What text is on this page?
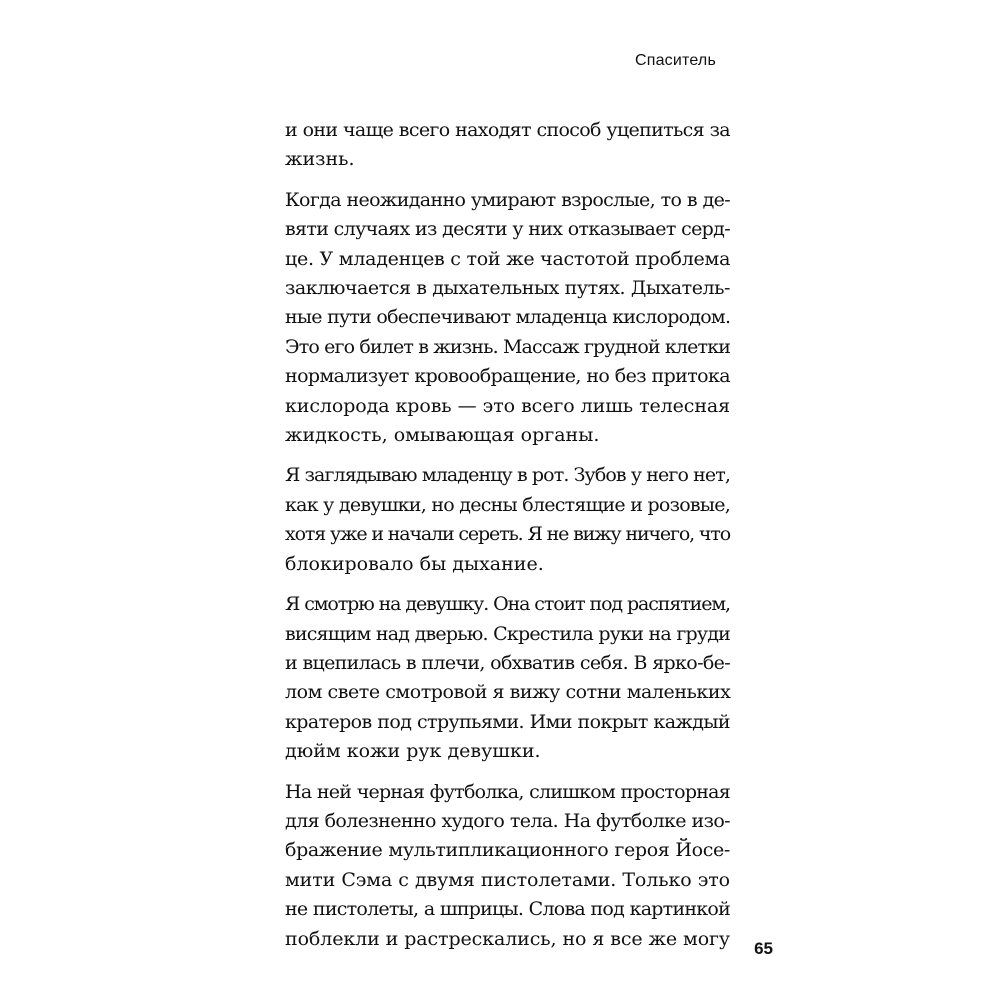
Спаситель
и они чаще всего находят способ уцепиться за
жизнь.
Когда неожиданно умирают взрослые, то в де-
вяти случаях из десяти у них отказывает серд-
це. У младенцев с той же частотой проблема
заключается в дыхательных путях. Дыхатель-
ные пути обеспечивают младенца кислородом.
Это его билет в жизнь. Массаж грудной клетки
нормализует кровообращение, но без притока
кислорода кровь — это всего лишь телесная
жидкость, омывающая органы.
Я заглядываю младенцу в рот. Зубов у него нет,
как у девушки, но десны блестящие и розовые,
хотя уже и начали сереть. Я не вижу ничего, что
блокировало бы дыхание.
Я смотрю на девушку. Она стоит под распятием,
висящим над дверью. Скрестила руки на груди
и вцепилась в плечи, обхватив себя. В ярко-бе-
лом свете смотровой я вижу сотни маленьких
кратеров под струпьями. Ими покрыт каждый
дюйм кожи рук девушки.
На ней черная футболка, слишком просторная
для болезненно худого тела. На футболке изо-
бражение мультипликационного героя Йосе-
мити Сэма с двумя пистолетами. Только это
не пистолеты, а шприцы. Слова под картинкой
поблекли и растрескались, но я все же могу 65
